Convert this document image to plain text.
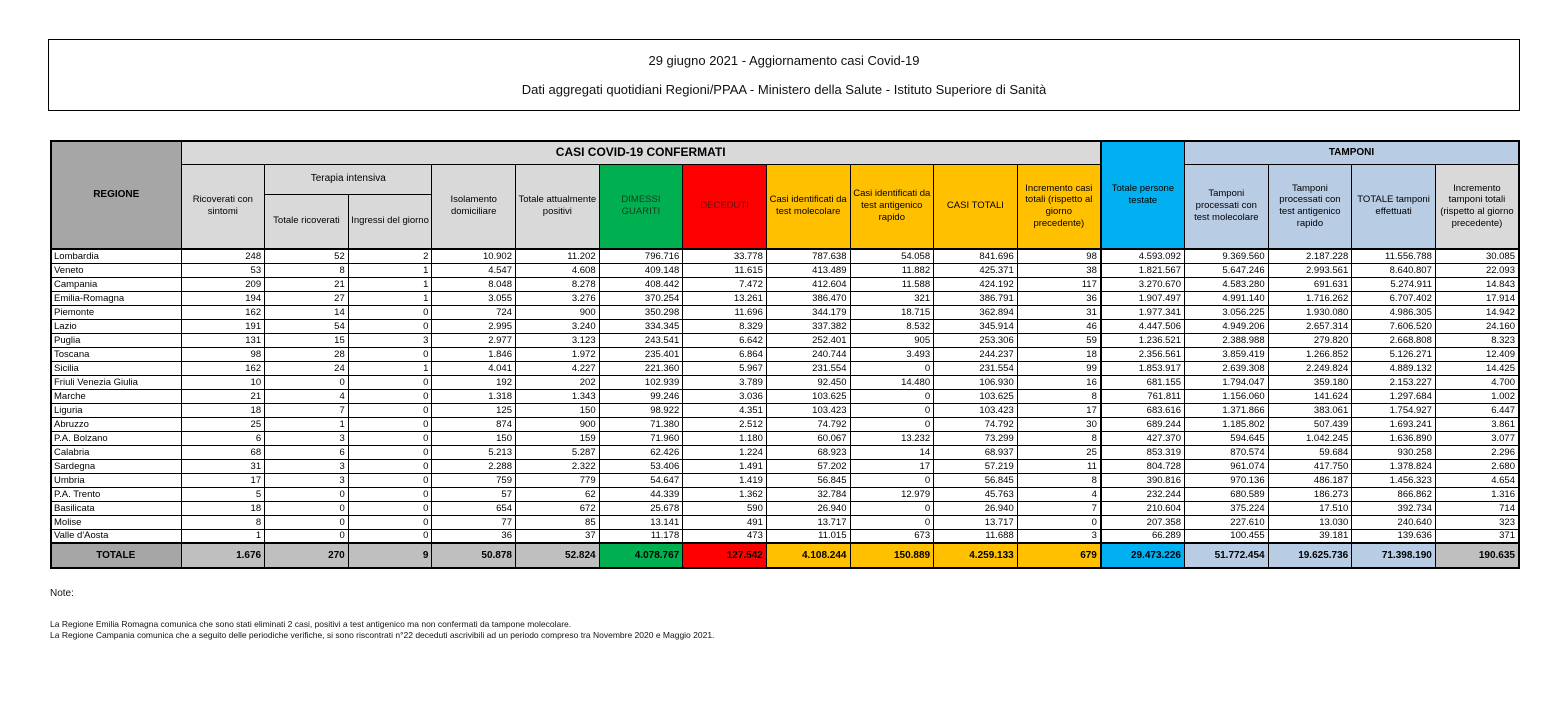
29 giugno 2021 - Aggiornamento casi Covid-19
Dati aggregati quotidiani Regioni/PPAA - Ministero della Salute - Istituto Superiore di Sanità
REGIONE	CASI COVID-19 CONFERMATI											Totale persone testate	TAMPONI			
	Ricoverati con sintomi	Terapia intensiva		Isolamento domiciliare	Totale attualmente positivi	DIMESSI GUARITI	DECEDUTI	Casi identificati da test molecolare	Casi identificati da test antigenico rapido	CASI TOTALI	Incremento casi totali (rispetto al giorno precedente)		Tamponi processati con test molecolare	Tamponi processati con test antigenico rapido	TOTALE tamponi effettuati	Incremento tamponi totali (rispetto al giorno precedente)
		Totale ricoverati	Ingressi del giorno													
Lombardia	248	52	2	10.902	11.202	796.716	33.778	787.638	54.058	841.696	98	4.593.092	9.369.560	2.187.228	11.556.788	30.085
Veneto	53	8	1	4.547	4.608	409.148	11.615	413.489	11.882	425.371	38	1.821.567	5.647.246	2.993.561	8.640.807	22.093
Campania	209	21	1	8.048	8.278	408.442	7.472	412.604	11.588	424.192	117	3.270.670	4.583.280	691.631	5.274.911	14.843
Emilia-Romagna	194	27	1	3.055	3.276	370.254	13.261	386.470	321	386.791	36	1.907.497	4.991.140	1.716.262	6.707.402	17.914
Piemonte	162	14	0	724	900	350.298	11.696	344.179	18.715	362.894	31	1.977.341	3.056.225	1.930.080	4.986.305	14.942
Lazio	191	54	0	2.995	3.240	334.345	8.329	337.382	8.532	345.914	46	4.447.506	4.949.206	2.657.314	7.606.520	24.160
Puglia	131	15	3	2.977	3.123	243.541	6.642	252.401	905	253.306	59	1.236.521	2.388.988	279.820	2.668.808	8.323
Toscana	98	28	0	1.846	1.972	235.401	6.864	240.744	3.493	244.237	18	2.356.561	3.859.419	1.266.852	5.126.271	12.409
Sicilia	162	24	1	4.041	4.227	221.360	5.967	231.554	0	231.554	99	1.853.917	2.639.308	2.249.824	4.889.132	14.425
Friuli Venezia Giulia	10	0	0	192	202	102.939	3.789	92.450	14.480	106.930	16	681.155	1.794.047	359.180	2.153.227	4.700
Marche	21	4	0	1.318	1.343	99.246	3.036	103.625	0	103.625	8	761.811	1.156.060	141.624	1.297.684	1.002
Liguria	18	7	0	125	150	98.922	4.351	103.423	0	103.423	17	683.616	1.371.866	383.061	1.754.927	6.447
Abruzzo	25	1	0	874	900	71.380	2.512	74.792	0	74.792	30	689.244	1.185.802	507.439	1.693.241	3.861
P.A. Bolzano	6	3	0	150	159	71.960	1.180	60.067	13.232	73.299	8	427.370	594.645	1.042.245	1.636.890	3.077
Calabria	68	6	0	5.213	5.287	62.426	1.224	68.923	14	68.937	25	853.319	870.574	59.684	930.258	2.296
Sardegna	31	3	0	2.288	2.322	53.406	1.491	57.202	17	57.219	11	804.728	961.074	417.750	1.378.824	2.680
Umbria	17	3	0	759	779	54.647	1.419	56.845	0	56.845	8	390.816	970.136	486.187	1.456.323	4.654
P.A. Trento	5	0	0	57	62	44.339	1.362	32.784	12.979	45.763	4	232.244	680.589	186.273	866.862	1.316
Basilicata	18	0	0	654	672	25.678	590	26.940	0	26.940	7	210.604	375.224	17.510	392.734	714
Molise	8	0	0	77	85	13.141	491	13.717	0	13.717	0	207.358	227.610	13.030	240.640	323
Valle d'Aosta	1	0	0	36	37	11.178	473	11.015	673	11.688	3	66.289	100.455	39.181	139.636	371
TOTALE	1.676	270	9	50.878	52.824	4.078.767	127.542	4.108.244	150.889	4.259.133	679	29.473.226	51.772.454	19.625.736	71.398.190	190.635
Note:
La Regione Emilia Romagna comunica che sono stati eliminati 2 casi, positivi a test antigenico ma non confermati da tampone molecolare.
La Regione Campania comunica che a seguito delle periodiche verifiche, si sono riscontrati n°22 deceduti ascrivibili ad un periodo compreso tra Novembre 2020 e Maggio 2021.
